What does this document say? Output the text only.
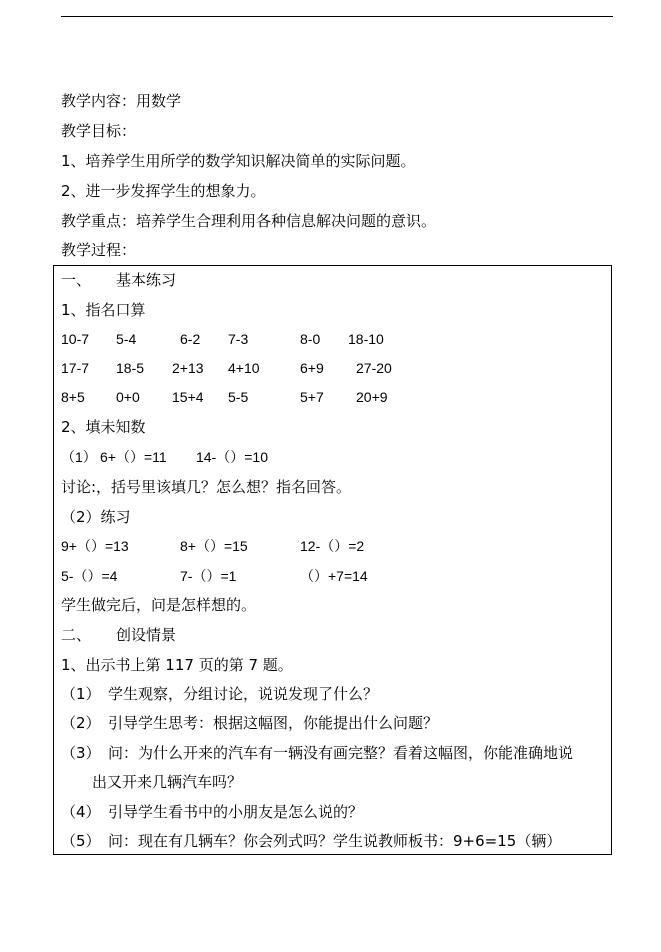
教学内容：用数学
教学目标：
1、培养学生用所学的数学知识解决简单的实际问题。
2、进一步发挥学生的想象力。
教学重点：培养学生合理利用各种信息解决问题的意识。
教学过程：
一、 基本练习
1、指名口算
10-7 5-4	6-2 7-3	8-0 18-10
17-7 18-5 2+13 4+10	6+9 27-20
8+5 0+0 15+4 5-5	5+7 20+9
2、填未知数
（1） 6+（）=11 14-（）=10
讨论:，括号里该填几？怎么想？指名回答。
（2）练习
9+（）=13	8+（）=15	12-（）=2
5-（）=4	7-（）=1	（）+7=14
学生做完后，问是怎样想的。
二、 创设情景
1、出示书上第 117 页的第 7 题。
（1） 学生观察，分组讨论，说说发现了什么？
（2） 引导学生思考：根据这幅图，你能提出什么问题？
（3） 问：为什么开来的汽车有一辆没有画完整？看着这幅图，你能准确地说
出又开来几辆汽车吗？
（4） 引导学生看书中的小朋友是怎么说的？
（5） 问：现在有几辆车？你会列式吗？学生说教师板书：9+6=15（辆）
